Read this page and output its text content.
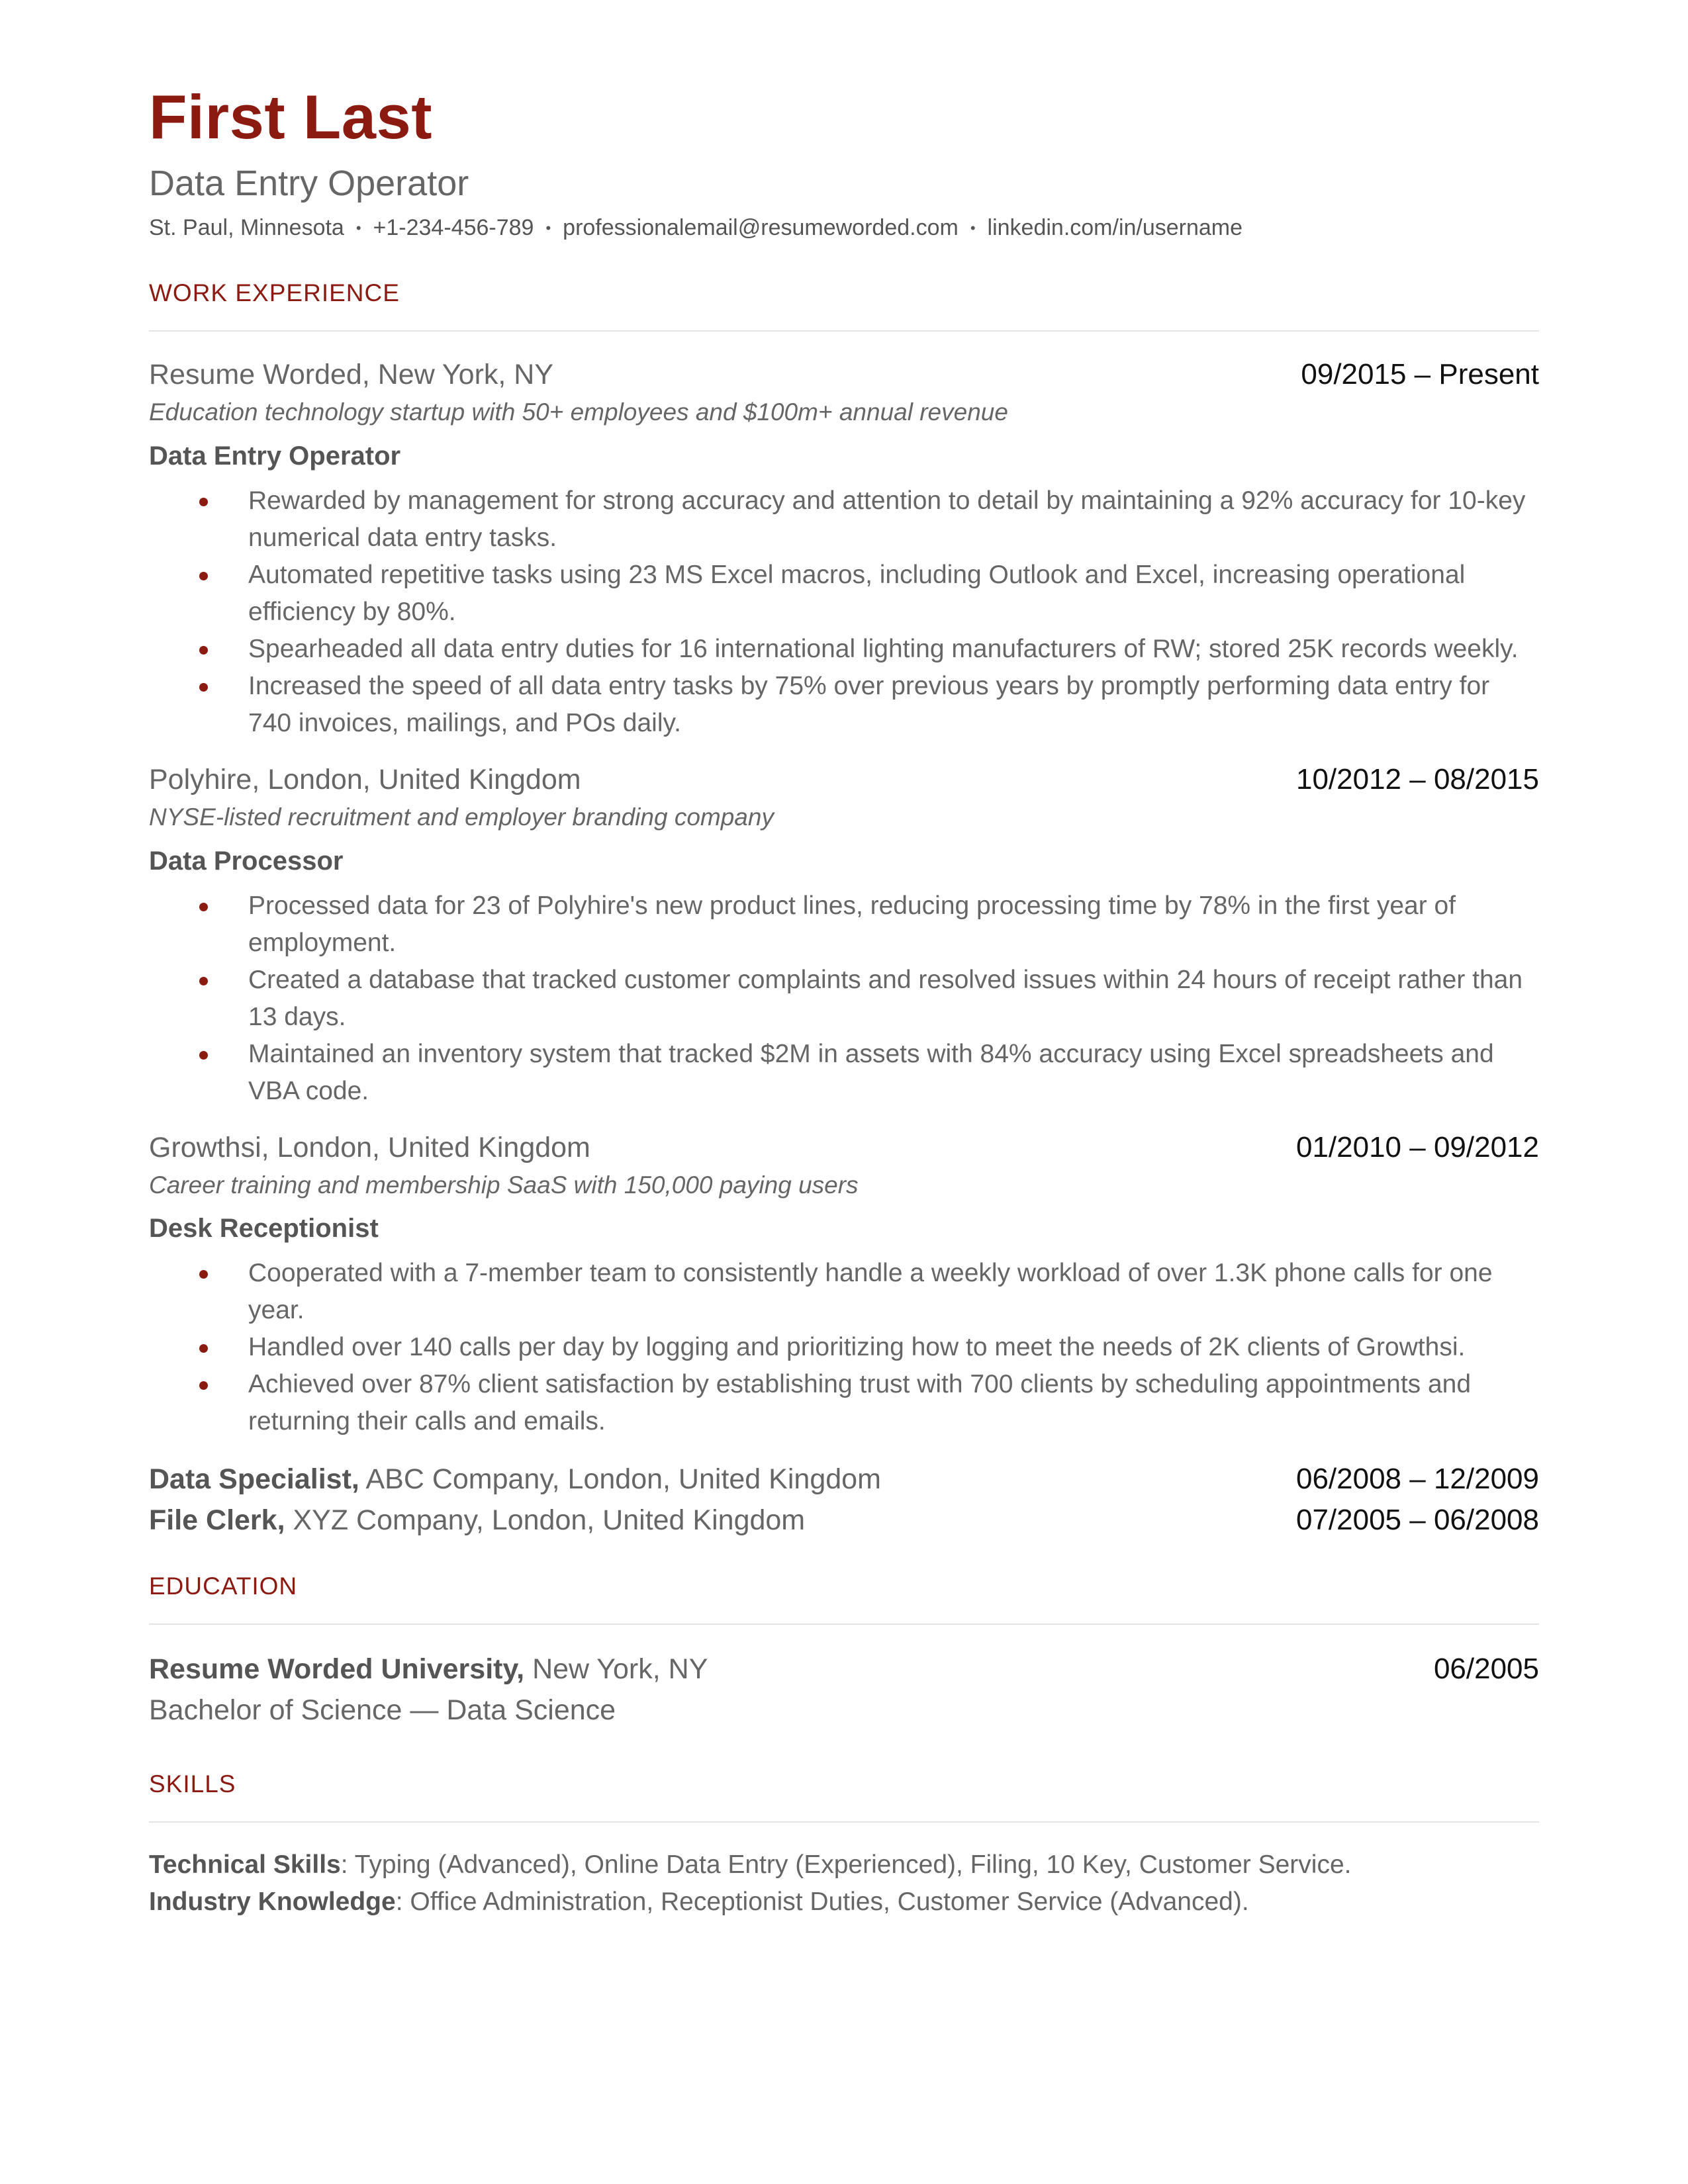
First Last
Data Entry Operator
St. Paul, Minnesota • +1-234-456-789 • professionalemail@resumeworded.com • linkedin.com/in/username
WORK EXPERIENCE
Resume Worded, New York, NY	09/2015 – Present
Education technology startup with 50+ employees and $100m+ annual revenue
Data Entry Operator
Rewarded by management for strong accuracy and attention to detail by maintaining a 92% accuracy for 10-key numerical data entry tasks.
Automated repetitive tasks using 23 MS Excel macros, including Outlook and Excel, increasing operational efficiency by 80%.
Spearheaded all data entry duties for 16 international lighting manufacturers of RW; stored 25K records weekly.
Increased the speed of all data entry tasks by 75% over previous years by promptly performing data entry for 740 invoices, mailings, and POs daily.
Polyhire, London, United Kingdom	10/2012 – 08/2015
NYSE-listed recruitment and employer branding company
Data Processor
Processed data for 23 of Polyhire's new product lines, reducing processing time by 78% in the first year of employment.
Created a database that tracked customer complaints and resolved issues within 24 hours of receipt rather than 13 days.
Maintained an inventory system that tracked $2M in assets with 84% accuracy using Excel spreadsheets and VBA code.
Growthsi, London, United Kingdom	01/2010 – 09/2012
Career training and membership SaaS with 150,000 paying users
Desk Receptionist
Cooperated with a 7-member team to consistently handle a weekly workload of over 1.3K phone calls for one year.
Handled over 140 calls per day by logging and prioritizing how to meet the needs of 2K clients of Growthsi.
Achieved over 87% client satisfaction by establishing trust with 700 clients by scheduling appointments and returning their calls and emails.
Data Specialist, ABC Company, London, United Kingdom	06/2008 – 12/2009
File Clerk, XYZ Company, London, United Kingdom	07/2005 – 06/2008
EDUCATION
Resume Worded University, New York, NY	06/2005
Bachelor of Science — Data Science
SKILLS
Technical Skills: Typing (Advanced), Online Data Entry (Experienced), Filing, 10 Key, Customer Service.
Industry Knowledge: Office Administration, Receptionist Duties, Customer Service (Advanced).
